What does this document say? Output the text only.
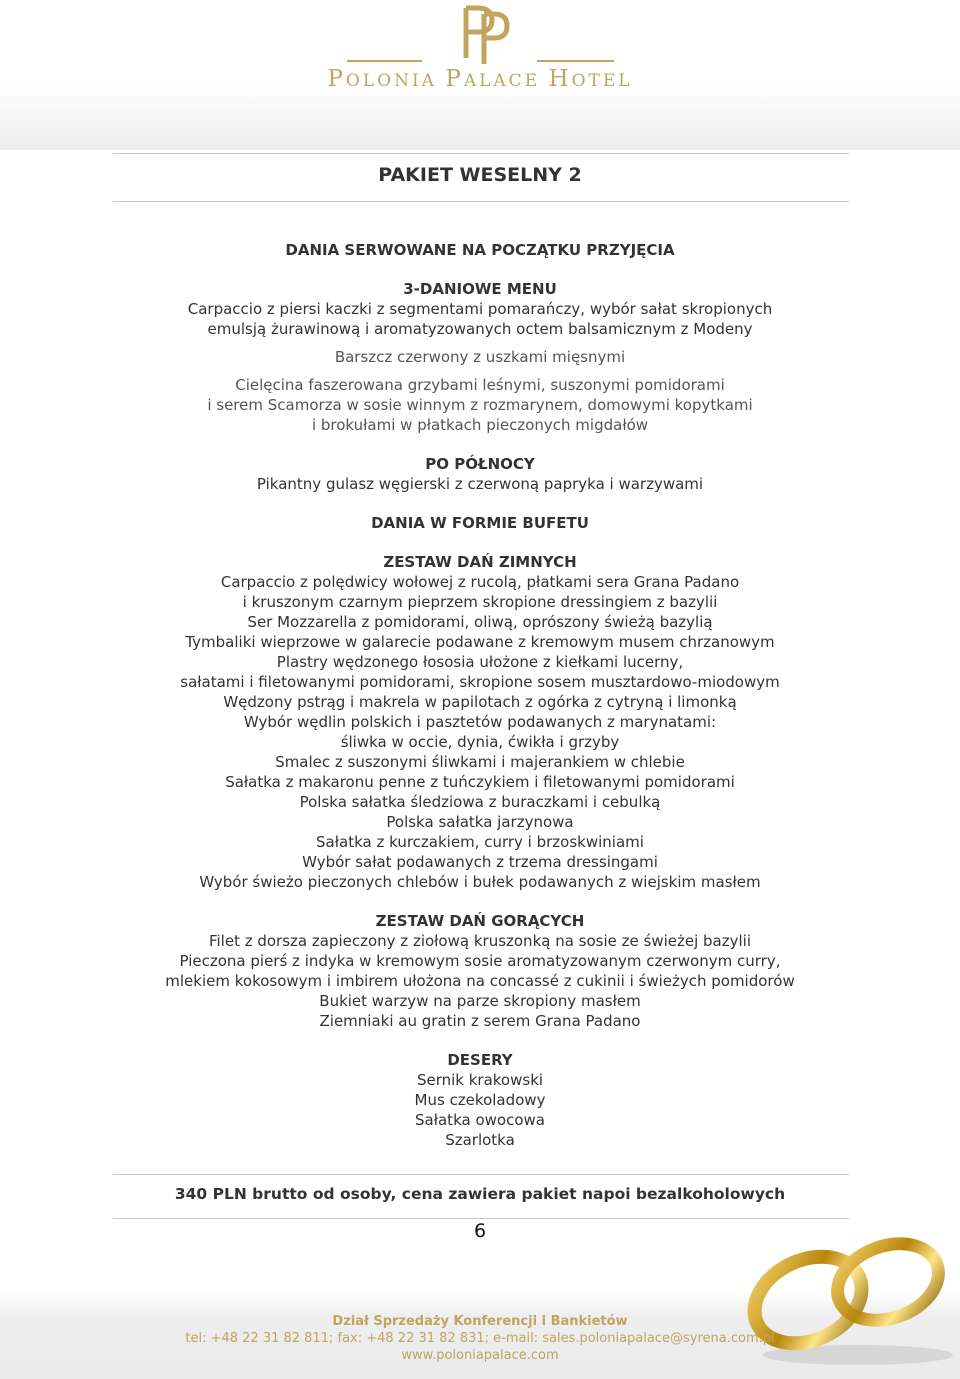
PP
POLONIA PALACE HOTEL
PAKIET WESELNY 2
DANIA SERWOWANE NA POCZĄTKU PRZYJĘCIA
3-DANIOWE MENU
Carpaccio z piersi kaczki z segmentami pomarańczy, wybór sałat skropionych
emulsją żurawinową i aromatyzowanych octem balsamicznym z Modeny
Barszcz czerwony z uszkami mięsnymi
Cielęcina faszerowana grzybami leśnymi, suszonymi pomidorami
i serem Scamorza w sosie winnym z rozmarynem, domowymi kopytkami
i brokułami w płatkach pieczonych migdałów
PO PÓŁNOCY
Pikantny gulasz węgierski z czerwoną papryka i warzywami
DANIA W FORMIE BUFETU
ZESTAW DAŃ ZIMNYCH
Carpaccio z polędwicy wołowej z rucolą, płatkami sera Grana Padano
i kruszonym czarnym pieprzem skropione dressingiem z bazylii
Ser Mozzarella z pomidorami, oliwą, oprószony świeżą bazylią
Tymbaliki wieprzowe w galarecie podawane z kremowym musem chrzanowym
Plastry wędzonego łososia ułożone z kiełkami lucerny,
sałatami i filetowanymi pomidorami, skropione sosem musztardowo-miodowym
Wędzony pstrąg i makrela w papilotach z ogórka z cytryną i limonką
Wybór wędlin polskich i pasztetów podawanych z marynatami:
śliwka w occie, dynia, ćwikła i grzyby
Smalec z suszonymi śliwkami i majerankiem w chlebie
Sałatka z makaronu penne z tuńczykiem i filetowanymi pomidorami
Polska sałatka śledziowa z buraczkami i cebulką
Polska sałatka jarzynowa
Sałatka z kurczakiem, curry i brzoskwiniami
Wybór sałat podawanych z trzema dressingami
Wybór świeżo pieczonych chlebów i bułek podawanych z wiejskim masłem
ZESTAW DAŃ GORĄCYCH
Filet z dorsza zapieczony z ziołową kruszonką na sosie ze świeżej bazylii
Pieczona pierś z indyka w kremowym sosie aromatyzowanym czerwonym curry,
mlekiem kokosowym i imbirem ułożona na concassé z cukinii i świeżych pomidorów
Bukiet warzyw na parze skropiony masłem
Ziemniaki au gratin z serem Grana Padano
DESERY
Sernik krakowski
Mus czekoladowy
Sałatka owocowa
Szarlotka
340 PLN brutto od osoby, cena zawiera pakiet napoi bezalkoholowych
6
Dział Sprzedaży Konferencji i Bankietów
tel: +48 22 31 82 811; fax: +48 22 31 82 831; e-mail: sales.poloniapalace@syrena.com.pl
www.poloniapalace.com
